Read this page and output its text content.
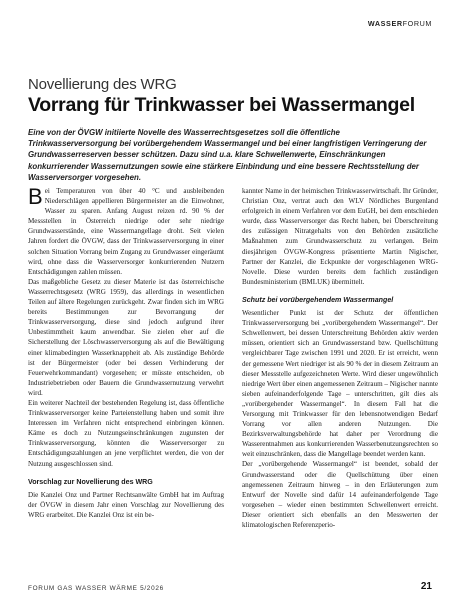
WASSERFORUM
Novellierung des WRG
Vorrang für Trinkwasser bei Wassermangel

Eine von der ÖVGW initiierte Novelle des Wasserrechtsgesetzes soll die öffentliche Trinkwasserversorgung bei vorübergehendem Wassermangel und bei einer langfristigen Verringerung der Grundwasserreserven besser schützen. Dazu sind u.a. klare Schwellenwerte, Einschränkungen konkurrierender Wassernutzungen sowie eine stärkere Einbindung und eine bessere Rechtsstellung der Wasserversorger vorgesehen.

Bei Temperaturen von über 40 °C und ausbleibenden Niederschlägen appellieren Bürgermeister an die Einwohner, Wasser zu sparen. Anfang August reizen rd. 90 % der Messstellen in Österreich niedrige oder sehr niedrige Grundwasserstände, eine Wassermangellage droht. Seit vielen Jahren fordert die ÖVGW, dass der Trinkwasserversorgung in einer solchen Situation Vorrang beim Zugang zu Grundwasser eingeräumt wird, ohne dass die Wasserversorger konkurrierenden Nutzern Entschädigungen zahlen müssen.

Das maßgebliche Gesetz zu dieser Materie ist das österreichische Wasserrechtsgesetz (WRG 1959), das allerdings in wesentlichen Teilen auf ältere Regelungen zurückgeht. Zwar finden sich im WRG bereits Bestimmungen zur Bevorrangung der Trinkwasserversorgung, diese sind jedoch aufgrund ihrer Unbestimmtheit kaum anwendbar. Sie zielen eher auf die Sicherstellung der Löschwasserversorgung als auf die Bewältigung einer klimabedingten Wasserknappheit ab. Als zuständige Behörde ist der Bürgermeister (oder bei dessen Verhinderung der Feuerwehrkommandant) vorgesehen; er müsste entscheiden, ob Industriebetrieben oder Bauern die Grundwassernutzung verwehrt wird.

Ein weiterer Nachteil der bestehenden Regelung ist, dass öffentliche Trinkwasserversorger keine Parteienstellung haben und somit ihre Interessen im Verfahren nicht entsprechend einbringen können. Käme es doch zu Nutzungseinschränkungen zugunsten der Trinkwasserversorgung, könnten die Wasserversorger zu Entschädigungszahlungen an jene verpflichtet werden, die von der Nutzung ausgeschlossen sind.

Vorschlag zur Novellierung des WRG

Die Kanzlei Onz und Partner Rechtsanwälte GmbH hat im Auftrag der ÖVGW in diesem Jahr einen Vorschlag zur Novellierung des WRG erarbeitet. Die Kanzlei Onz ist ein be-

kannter Name in der heimischen Trinkwasserwirtschaft. Ihr Gründer, Christian Onz, vertrat auch den WLV Nördliches Burgenland erfolgreich in einem Verfahren vor dem EuGH, bei dem entschieden wurde, dass Wasserversorger das Recht haben, bei Überschreitung des zulässigen Nitratgehalts von den Behörden zusätzliche Maßnahmen zum Grundwasserschutz zu verlangen. Beim diesjährigen ÖVGW-Kongress präsentierte Martin Nigischer, Partner der Kanzlei, die Eckpunkte der vorgeschlagenen WRG-Novelle. Diese wurden bereits dem fachlich zuständigen Bundesministerium (BMLUK) übermittelt.

Schutz bei vorübergehendem Wassermangel

Wesentlicher Punkt ist der Schutz der öffentlichen Trinkwasserversorgung bei „vorübergehendem Wassermangel“. Der Schwellenwert, bei dessen Unterschreitung Behörden aktiv werden müssen, orientiert sich an Grundwasserstand bzw. Quellschüttung vergleichbarer Tage zwischen 1991 und 2020. Er ist erreicht, wenn der gemessene Wert niedriger ist als 90 % der in diesem Zeitraum an dieser Messstelle aufgezeichneten Werte. Wird dieser ungewöhnlich niedrige Wert über einen angemessenen Zeitraum – Nigischer nannte sieben aufeinanderfolgende Tage – unterschritten, gilt dies als „vorübergehender Wassermangel“. In diesem Fall hat die Versorgung mit Trinkwasser für den lebensnotwendigen Bedarf Vorrang vor allen anderen Nutzungen. Die Bezirksverwaltungsbehörde hat daher per Verordnung die Wasserentnahmen aus konkurrierenden Wasserbenutzungsrechten so weit einzuschränken, dass die Mangellage beendet werden kann.

Der „vorübergehende Wassermangel“ ist beendet, sobald der Grundwasserstand oder die Quellschüttung über einen angemessenen Zeitraum hinweg – in den Erläuterungen zum Entwurf der Novelle sind dafür 14 aufeinanderfolgende Tage vorgesehen – wieder einen bestimmten Schwellenwert erreicht. Dieser orientiert sich ebenfalls an den Messwerten der klimatologischen Referenzperio-

FORUM GAS WASSER WÄRME 5/2026	21
